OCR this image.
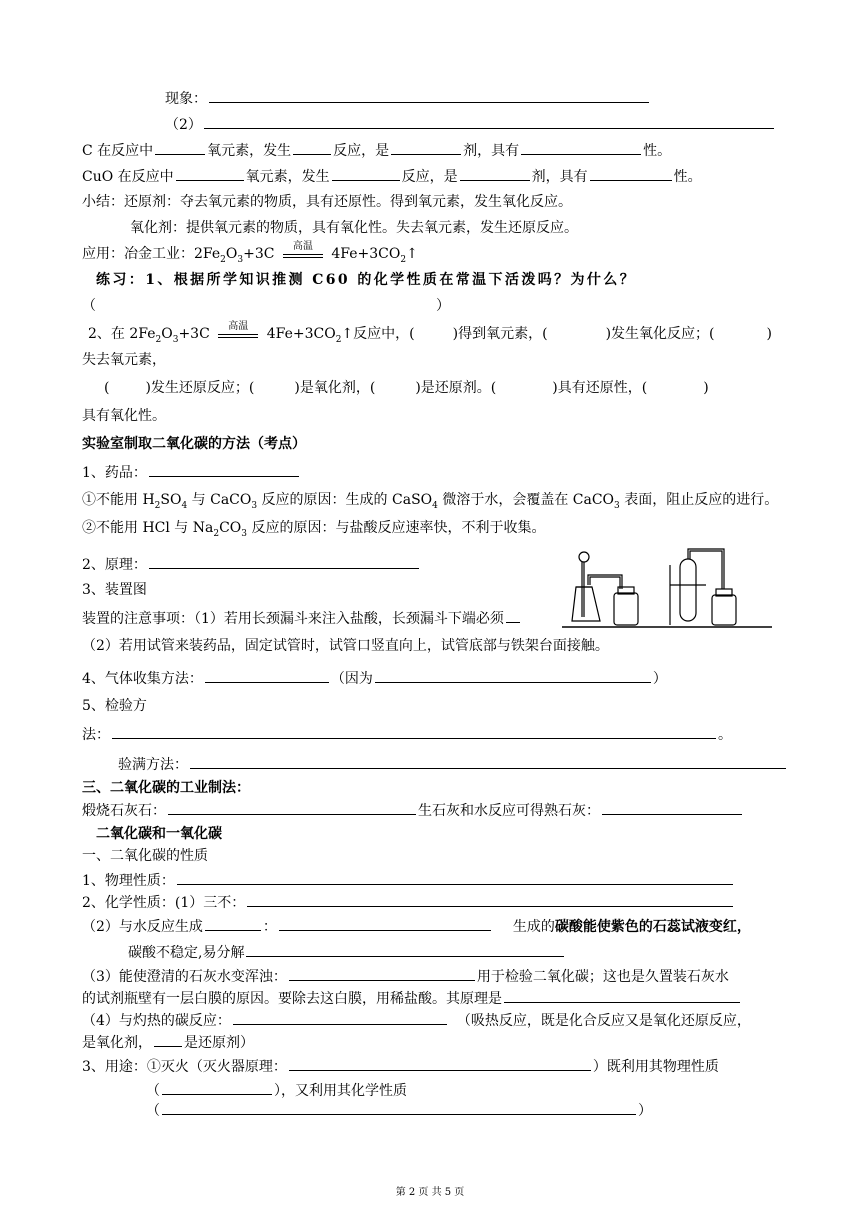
现象：
（2）
C 在反应中	氧元素，发生	反应，是	剂，具有	性。
CuO 在反应中	氧元素，发生	反应，是	剂，具有	性。
小结：还原剂：夺去氧元素的物质，具有还原性。得到氧元素，发生氧化反应。
氧化剂：提供氧元素的物质，具有氧化性。失去氧元素，发生还原反应。
应用：冶金工业：$2Fe_2O_3+3C$	高温	$4Fe+3CO_2↑$
练习：1、根据所学知识推测 C60 的化学性质在常温下活泼吗？为什么？
（	）
2、在 $2Fe_2O_3+3C$	高温	$4Fe+3CO_2↑$反应中，(	)得到氧元素，(	)发生氧化反应；(	)
失去氧元素，
(	)发生还原反应；(	)是氧化剂，(	)是还原剂。(	)具有还原性，(	)
具有氧化性。
实验室制取二氧化碳的方法（考点）
1、药品：
①不能用 $H_2SO_4$ 与 CaCO$_3$ 反应的原因：生成的 CaSO$_4$ 微溶于水，会覆盖在 CaCO$_3$ 表面，阻止反应的进行。
②不能用 HCl 与 $Na_2CO_3$ 反应的原因：与盐酸反应速率快，不利于收集。
2、原理：
3、装置图
装置的注意事项：（1）若用长颈漏斗来注入盐酸，长颈漏斗下端必须
（2）若用试管来装药品，固定试管时，试管口竖直向上，试管底部与铁架台面接触。
4、气体收集方法：	（因为	）
5、检验方
法：	。
验满方法：
三、二氧化碳的工业制法：
煅烧石灰石：	生石灰和水反应可得熟石灰：
二氧化碳和一氧化碳
一、二氧化碳的性质
1、物理性质：
2、化学性质：(1）三不：
（2）与水反应生成	：	生成的碳酸能使紫色的石蕊试液变红，
碳酸不稳定,易分解
（3）能使澄清的石灰水变浑浊：	用于检验二氧化碳；这也是久置装石灰水
的试剂瓶壁有一层白膜的原因。要除去这白膜，用稀盐酸。其原理是
（4）与灼热的碳反应：	（吸热反应，既是化合反应又是氧化还原反应，
是氧化剂， 是还原剂）
3、用途：①灭火（灭火器原理：	）既利用其物理性质
（	），又利用其化学性质
（	）
第 2 页 共 5 页
